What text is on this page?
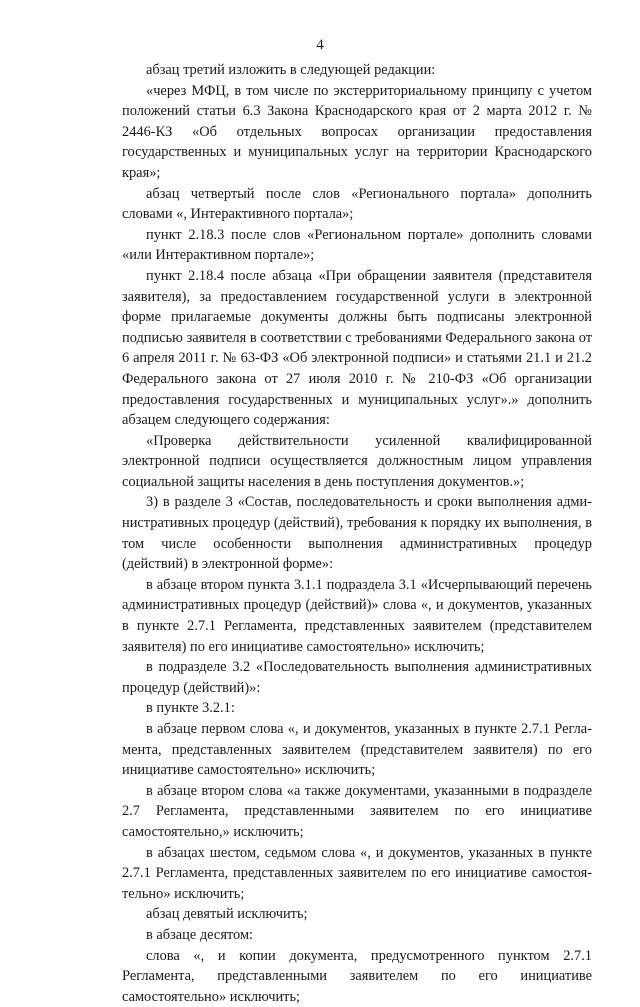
4

абзац третий изложить в следующей редакции:

«через МФЦ, в том числе по экстерриториальному принципу с учетом положений статьи 6.3 Закона Краснодарского края от 2 марта 2012 г. № 2446-КЗ «Об отдельных вопросах организации предоставления государственных и муниципальных услуг на территории Краснодарского края»;

абзац четвертый после слов «Регионального портала» дополнить словами «, Интерактивного портала»;

пункт 2.18.3 после слов «Региональном портале» дополнить словами «или Интерактивном портале»;

пункт 2.18.4 после абзаца «При обращении заявителя (представителя заявителя), за предоставлением государственной услуги в электронной форме прилагаемые документы должны быть подписаны электронной подписью заявителя в соответствии с требованиями Федерального закона от 6 апреля 2011 г. № 63-ФЗ «Об электронной подписи» и статьями 21.1 и 21.2 Федерального закона от 27 июля 2010 г. № 210-ФЗ «Об организации предоставления государственных и муниципальных услуг».» дополнить абзацем следующего содержания:

«Проверка действительности усиленной квалифицированной электронной подписи осуществляется должностным лицом управления социальной защиты населения в день поступления документов.»;

3) в разделе 3 «Состав, последовательность и сроки выполнения административных процедур (действий), требования к порядку их выполнения, в том числе особенности выполнения административных процедур (действий) в электронной форме»:

в абзаце втором пункта 3.1.1 подраздела 3.1 «Исчерпывающий перечень административных процедур (действий)» слова «, и документов, указанных в пункте 2.7.1 Регламента, представленных заявителем (представителем заявителя) по его инициативе самостоятельно» исключить;

в подразделе 3.2 «Последовательность выполнения административных процедур (действий)»:

в пункте 3.2.1:

в абзаце первом слова «, и документов, указанных в пункте 2.7.1 Регламента, представленных заявителем (представителем заявителя) по его инициативе самостоятельно» исключить;

в абзаце втором слова «а также документами, указанными в подразделе 2.7 Регламента, представленными заявителем по его инициативе самостоятельно,» исключить;

в абзацах шестом, седьмом слова «, и документов, указанных в пункте 2.7.1 Регламента, представленных заявителем по его инициативе самостоятельно» исключить;

абзац девятый исключить;

в абзаце десятом:

слова «, и копии документа, предусмотренного пунктом 2.7.1 Регламента, представленными заявителем по его инициативе самостоятельно» исключить;
